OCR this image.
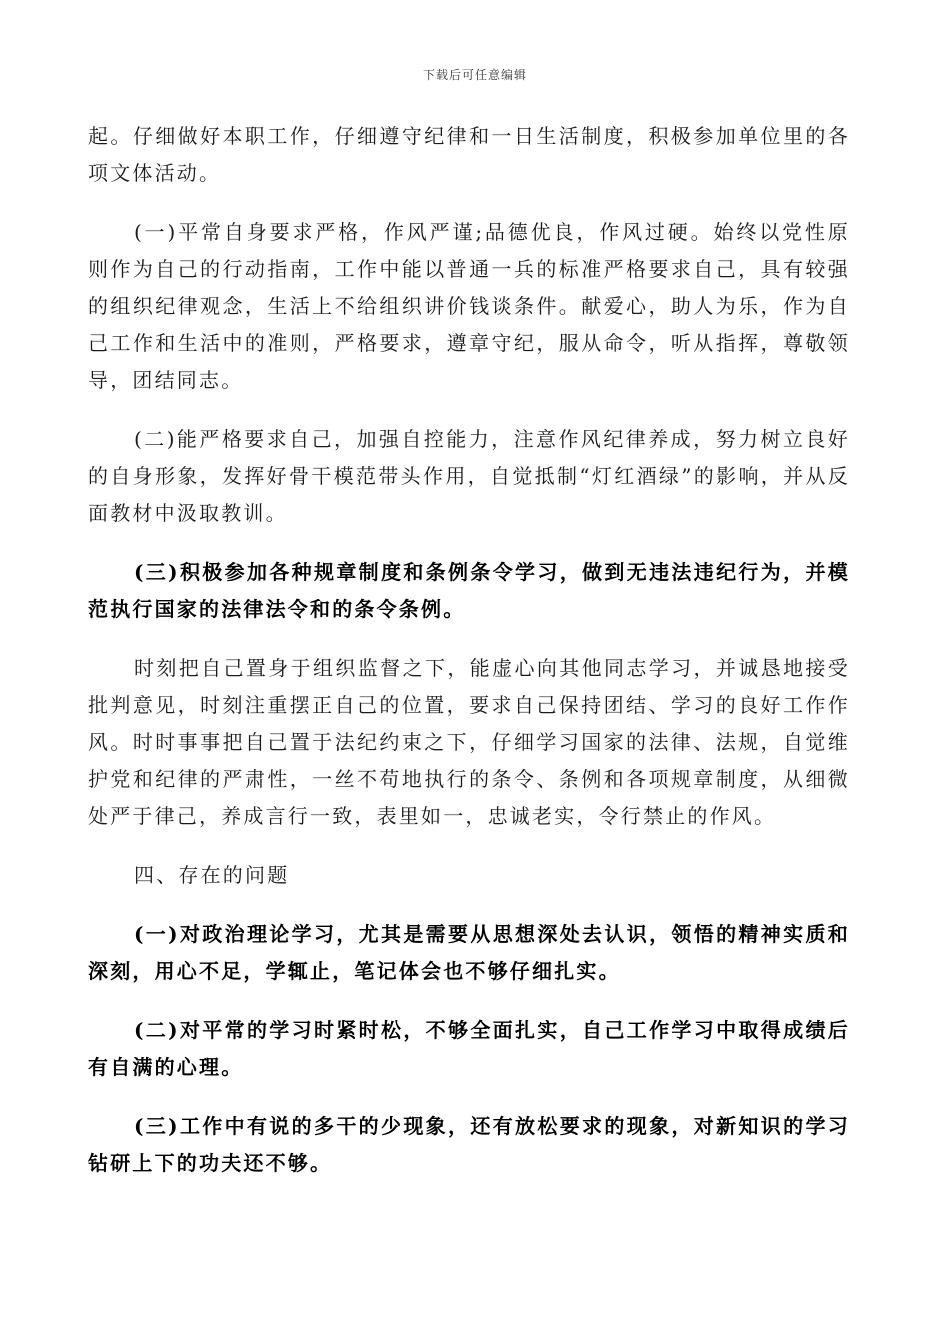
下载后可任意编辑

起。仔细做好本职工作，仔细遵守纪律和一日生活制度，积极参加单位里的各项文体活动。

(一)平常自身要求严格，作风严谨;品德优良，作风过硬。始终以党性原则作为自己的行动指南，工作中能以普通一兵的标准严格要求自己，具有较强的组织纪律观念，生活上不给组织讲价钱谈条件。献爱心，助人为乐，作为自己工作和生活中的准则，严格要求，遵章守纪，服从命令，听从指挥，尊敬领导，团结同志。

(二)能严格要求自己，加强自控能力，注意作风纪律养成，努力树立良好的自身形象，发挥好骨干模范带头作用，自觉抵制“灯红酒绿”的影响，并从反面教材中汲取教训。

(三)积极参加各种规章制度和条例条令学习，做到无违法违纪行为，并模范执行国家的法律法令和的条令条例。

时刻把自己置身于组织监督之下，能虚心向其他同志学习，并诚恳地接受批判意见，时刻注重摆正自己的位置，要求自己保持团结、学习的良好工作作风。时时事事把自己置于法纪约束之下，仔细学习国家的法律、法规，自觉维护党和纪律的严肃性，一丝不苟地执行的条令、条例和各项规章制度，从细微处严于律己，养成言行一致，表里如一，忠诚老实，令行禁止的作风。

四、存在的问题

(一)对政治理论学习，尤其是需要从思想深处去认识，领悟的精神实质和深刻，用心不足，学辄止，笔记体会也不够仔细扎实。

(二)对平常的学习时紧时松，不够全面扎实，自己工作学习中取得成绩后有自满的心理。

(三)工作中有说的多干的少现象，还有放松要求的现象，对新知识的学习钻研上下的功夫还不够。
